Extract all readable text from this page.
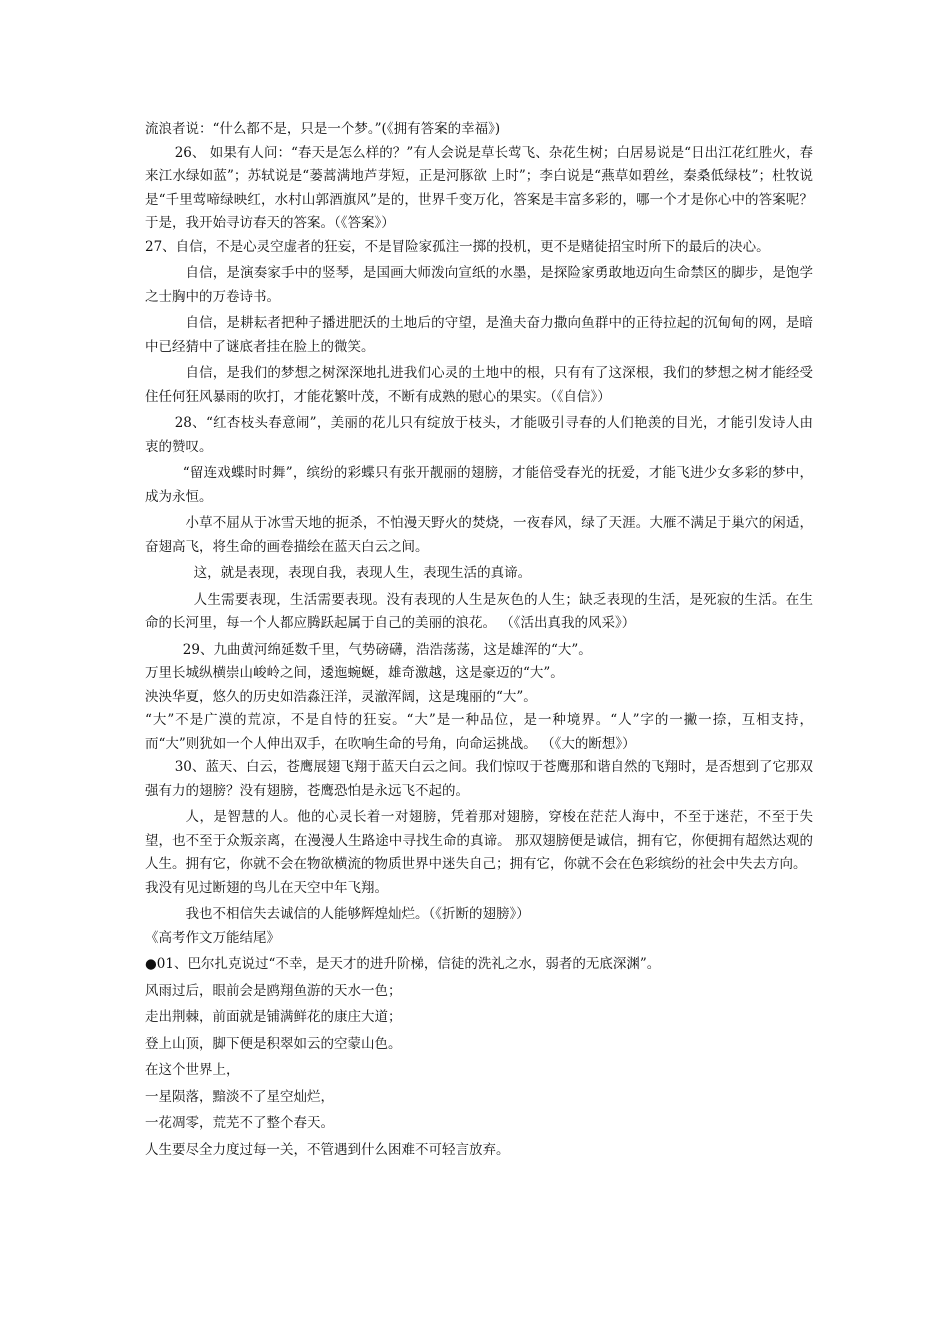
流浪者说：“什么都不是，只是一个梦。”(《拥有答案的幸福》)

26、 如果有人问：“春天是怎么样的？”有人会说是草长莺飞、杂花生树；白居易说是“日出江花红胜火，春来江水绿如蓝”；苏轼说是“蒌蒿满地芦芽短，正是河豚欲 上时”；李白说是“燕草如碧丝，秦桑低绿枝”；杜牧说是“千里莺啼绿映红，水村山郭酒旗风”是的，世界千变万化，答案是丰富多彩的，哪一个才是你心中的答案呢？于是，我开始寻访春天的答案。（《答案》）

27、自信，不是心灵空虚者的狂妄，不是冒险家孤注一掷的投机，更不是赌徒招宝时所下的最后的决心。

自信，是演奏家手中的竖琴，是国画大师泼向宣纸的水墨，是探险家勇敢地迈向生命禁区的脚步，是饱学之士胸中的万卷诗书。

自信，是耕耘者把种子播进肥沃的土地后的守望，是渔夫奋力撒向鱼群中的正待拉起的沉甸甸的网，是暗中已经猜中了谜底者挂在脸上的微笑。

自信，是我们的梦想之树深深地扎进我们心灵的土地中的根，只有有了这深根，我们的梦想之树才能经受住任何狂风暴雨的吹打，才能花繁叶茂，不断有成熟的慰心的果实。（《自信》）

28、“红杏枝头春意闹”，美丽的花儿只有绽放于枝头，才能吸引寻春的人们艳羡的目光，才能引发诗人由衷的赞叹。

“留连戏蝶时时舞”，缤纷的彩蝶只有张开靓丽的翅膀，才能倍受春光的抚爱，才能飞进少女多彩的梦中，成为永恒。

小草不屈从于冰雪天地的扼杀，不怕漫天野火的焚烧，一夜春风，绿了天涯。大雁不满足于巢穴的闲适，奋翅高飞，将生命的画卷描绘在蓝天白云之间。

这，就是表现，表现自我，表现人生，表现生活的真谛。

人生需要表现，生活需要表现。没有表现的人生是灰色的人生；缺乏表现的生活，是死寂的生活。在生命的长河里，每一个人都应腾跃起属于自己的美丽的浪花。 （《活出真我的风采》）

29、九曲黄河绵延数千里，气势磅礴，浩浩荡荡，这是雄浑的“大”。

万里长城纵横崇山峻岭之间，逶迤蜿蜒，雄奇激越，这是豪迈的“大”。

泱泱华夏，悠久的历史如浩淼汪洋，灵澈浑阔，这是瑰丽的“大”。

“大”不是广漠的荒凉，不是自恃的狂妄。“大”是一种品位，是一种境界。“人”字的一撇一捺，互相支持，而“大”则犹如一个人伸出双手，在吹响生命的号角，向命运挑战。 （《大的断想》）

30、蓝天、白云，苍鹰展翅飞翔于蓝天白云之间。我们惊叹于苍鹰那和谐自然的飞翔时，是否想到了它那双强有力的翅膀？没有翅膀，苍鹰恐怕是永远飞不起的。

人，是智慧的人。他的心灵长着一对翅膀，凭着那对翅膀，穿梭在茫茫人海中，不至于迷茫，不至于失望，也不至于众叛亲离，在漫漫人生路途中寻找生命的真谛。 那双翅膀便是诚信，拥有它，你便拥有超然达观的人生。拥有它，你就不会在物欲横流的物质世界中迷失自己；拥有它，你就不会在色彩缤纷的社会中失去方向。

我没有见过断翅的鸟儿在天空中年飞翔。

我也不相信失去诚信的人能够辉煌灿烂。（《折断的翅膀》）

《高考作文万能结尾》

●01、巴尔扎克说过“不幸，是天才的进升阶梯，信徒的洗礼之水，弱者的无底深渊”。

风雨过后，眼前会是鸥翔鱼游的天水一色；

走出荆棘，前面就是铺满鲜花的康庄大道；

登上山顶，脚下便是积翠如云的空蒙山色。

在这个世界上，

一星陨落，黯淡不了星空灿烂，

一花凋零，荒芜不了整个春天。

人生要尽全力度过每一关，不管遇到什么困难不可轻言放弃。
